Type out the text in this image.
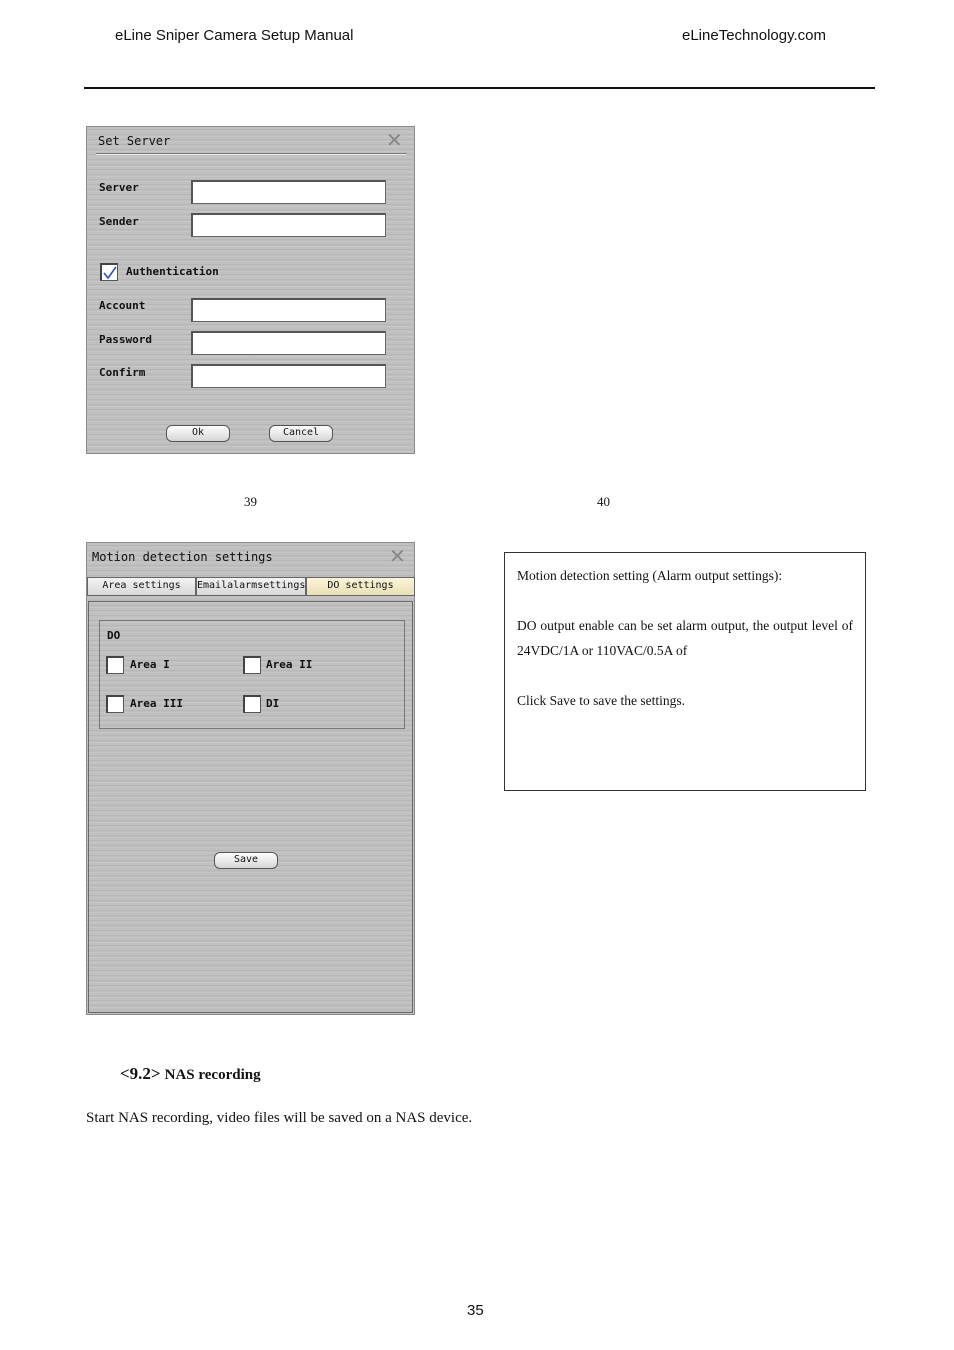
eLine Sniper Camera Setup Manual	eLineTechnology.com
Set Server	✕
Server
Sender
Authentication
Account
Password
Confirm
Ok	Cancel
39	40
Motion detection settings	✕
Area settings	Emailalarmsettings	DO settings
DO
Area I	Area II
Area III	DI
Save

Motion detection setting (Alarm output settings):

DO output enable can be set alarm output, the output level of 24VDC/1A or 110VAC/0.5A of

Click Save to save the settings.

<9.2> NAS recording
Start NAS recording, video files will be saved on a NAS device.
35
